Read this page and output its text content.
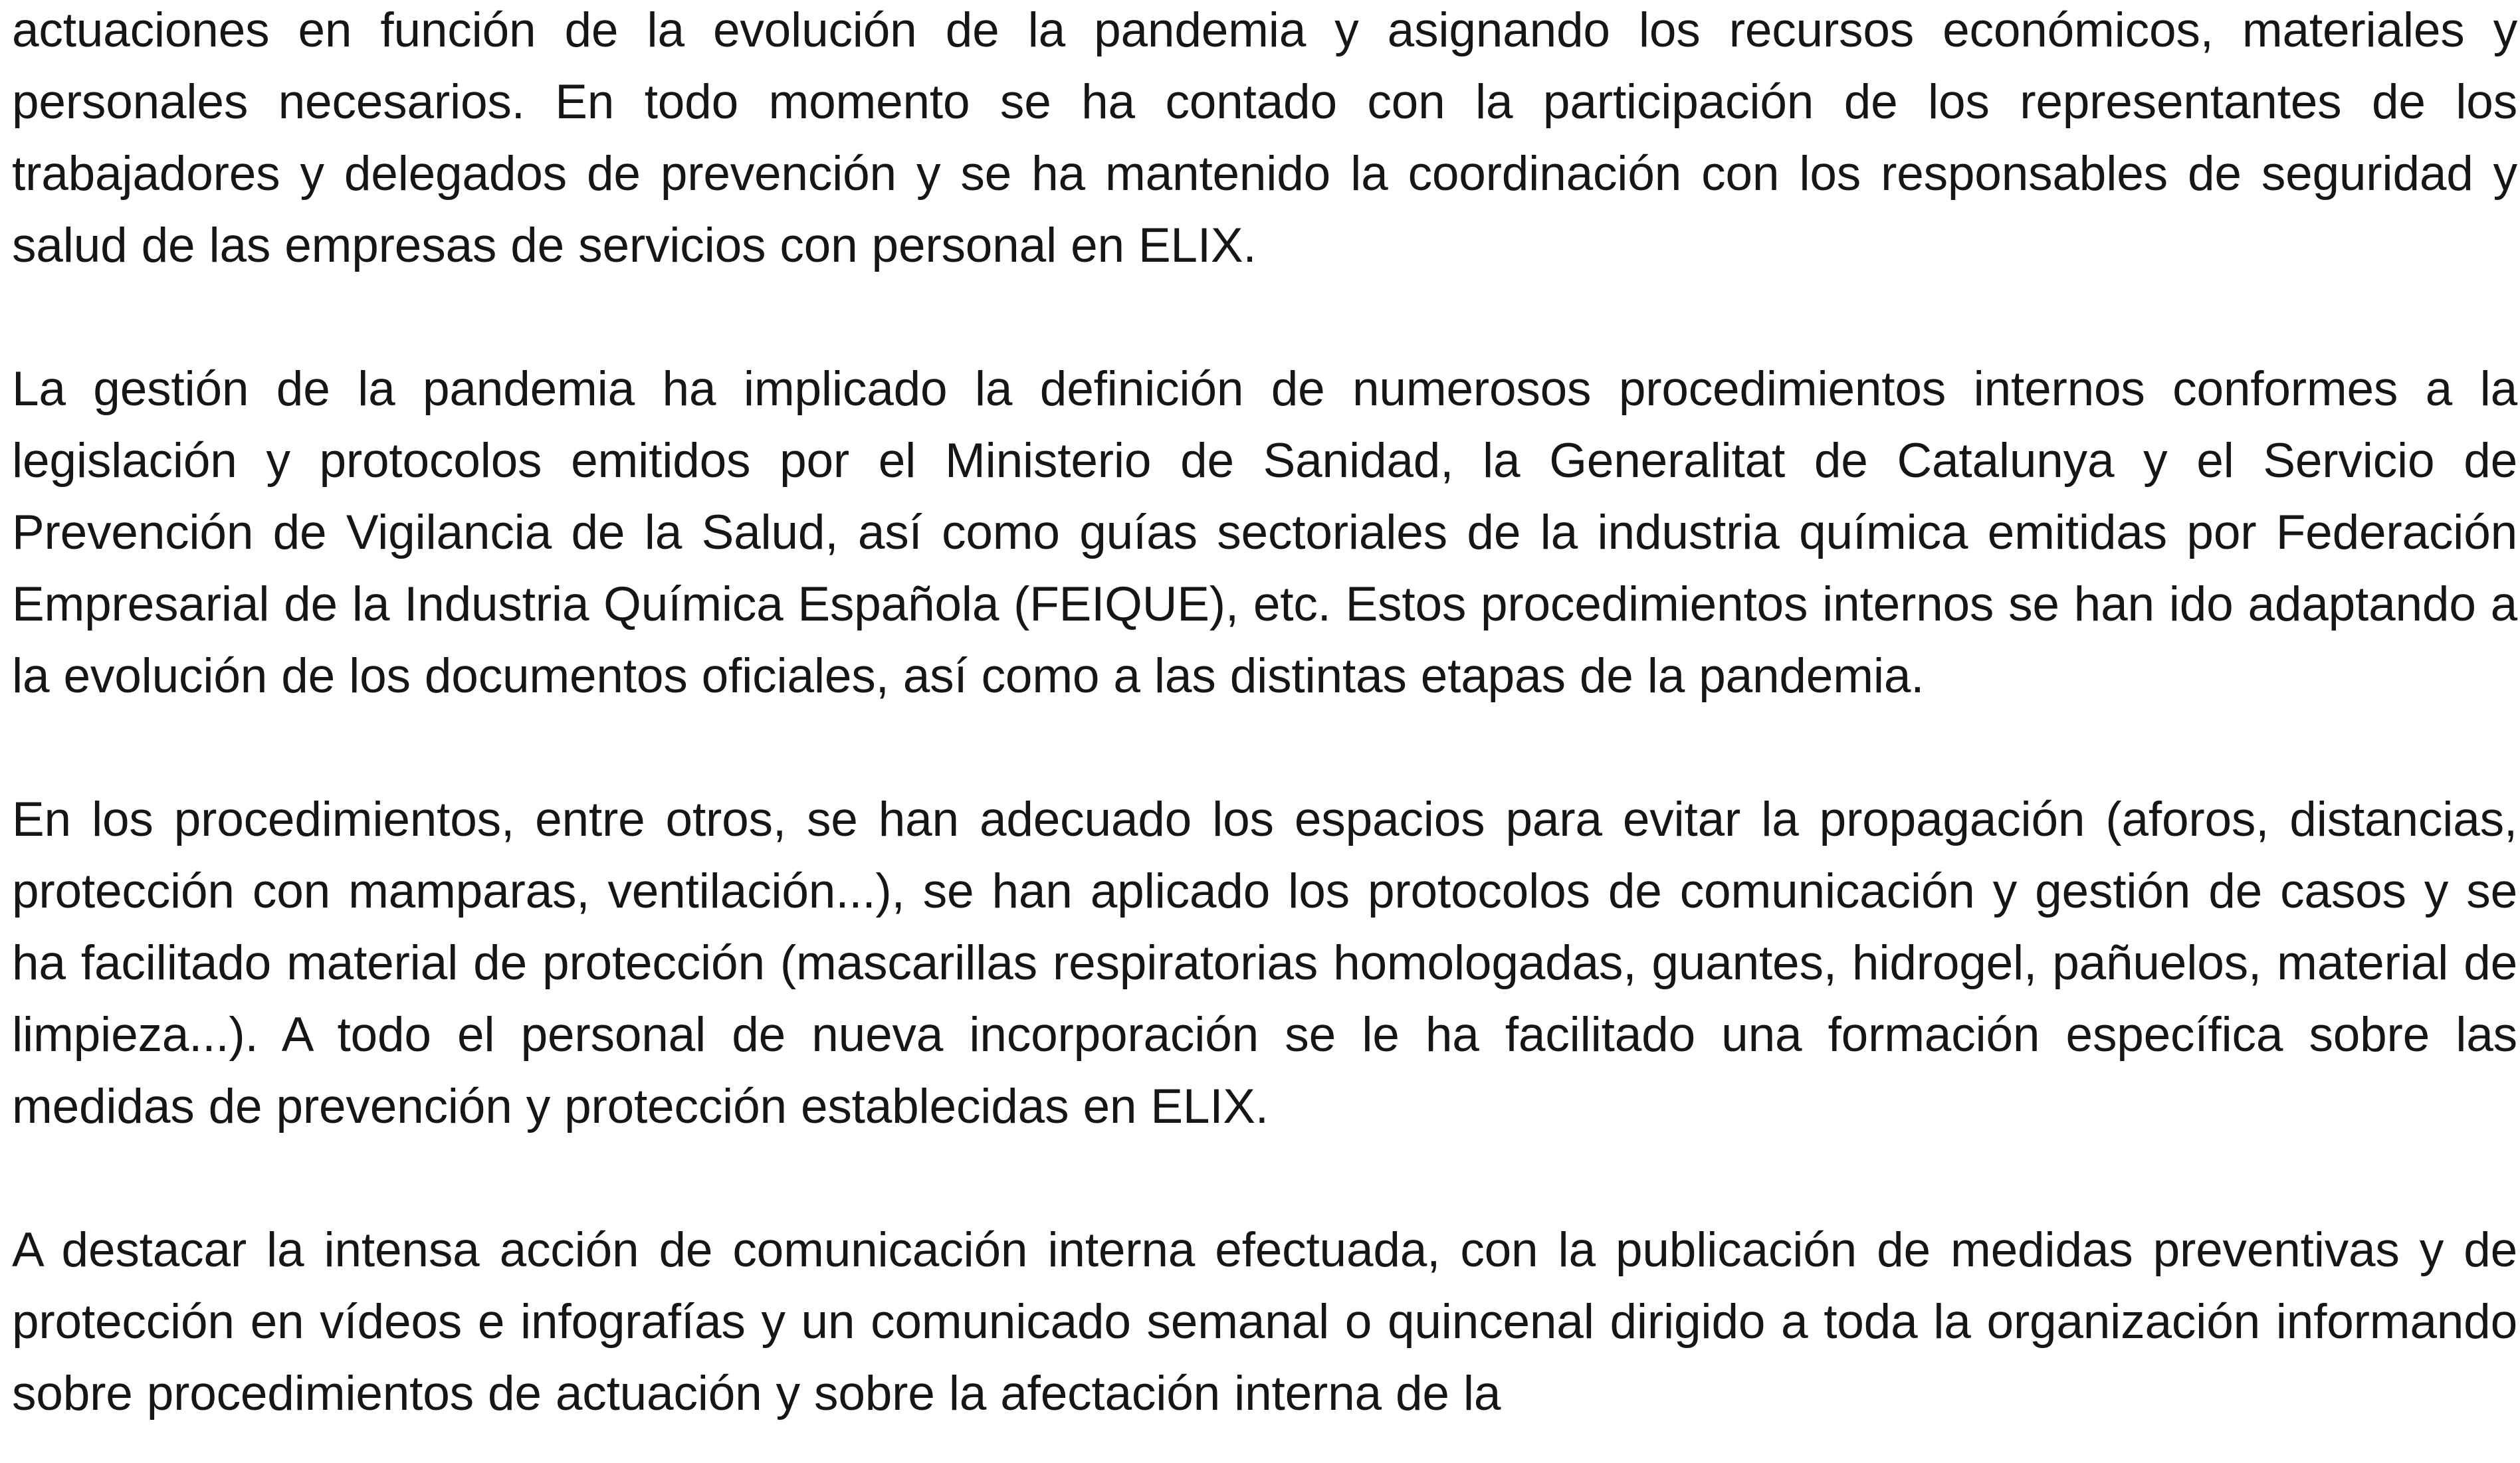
actuaciones en función de la evolución de la pandemia y asignando los recursos económicos, materiales y personales necesarios. En todo momento se ha contado con la participación de los representantes de los trabajadores y delegados de prevención y se ha mantenido la coordinación con los responsables de seguridad y salud de las empresas de servicios con personal en ELIX.

La gestión de la pandemia ha implicado la definición de numerosos procedimientos internos conformes a la legislación y protocolos emitidos por el Ministerio de Sanidad, la Generalitat de Catalunya y el Servicio de Prevención de Vigilancia de la Salud, así como guías sectoriales de la industria química emitidas por Federación Empresarial de la Industria Química Española (FEIQUE), etc. Estos procedimientos internos se han ido adaptando a la evolución de los documentos oficiales, así como a las distintas etapas de la pandemia.

En los procedimientos, entre otros, se han adecuado los espacios para evitar la propagación (aforos, distancias, protección con mamparas, ventilación...), se han aplicado los protocolos de comunicación y gestión de casos y se ha facilitado material de protección (mascarillas respiratorias homologadas, guantes, hidrogel, pañuelos, material de limpieza...). A todo el personal de nueva incorporación se le ha facilitado una formación específica sobre las medidas de prevención y protección establecidas en ELIX.

A destacar la intensa acción de comunicación interna efectuada, con la publicación de medidas preventivas y de protección en vídeos e infografías y un comunicado semanal o quincenal dirigido a toda la organización informando sobre procedimientos de actuación y sobre la afectación interna de la
